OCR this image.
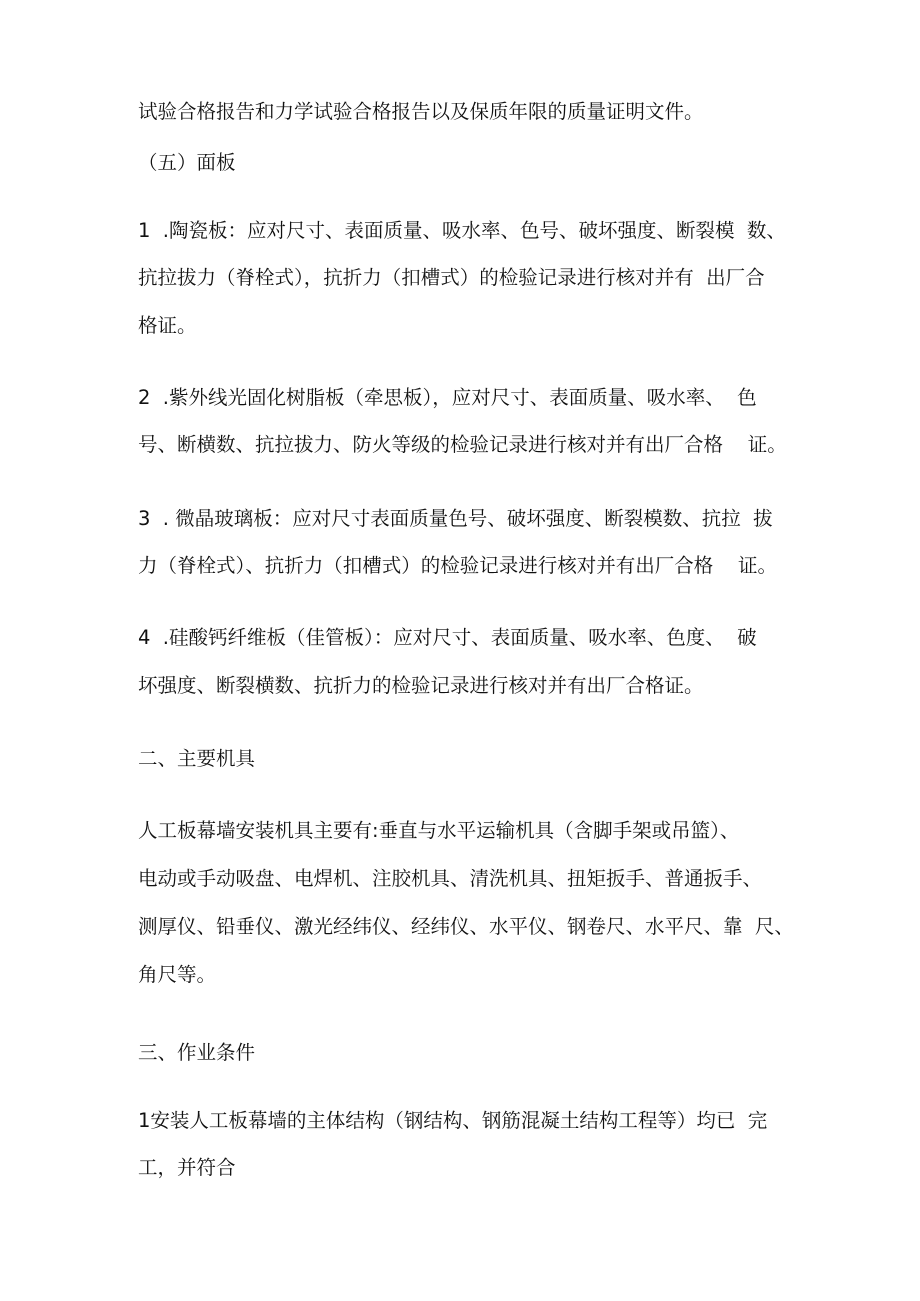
试验合格报告和力学试验合格报告以及保质年限的质量证明文件。
（五）面板
1  .陶瓷板：应对尺寸、表面质量、吸水率、色号、破坏强度、断裂模  数、
抗拉拔力（脊栓式），抗折力（扣槽式）的检验记录进行核对并有  出厂合
格证。
2  .紫外线光固化树脂板（牵思板），应对尺寸、表面质量、吸水率、  色
号、断横数、抗拉拔力、防火等级的检验记录进行核对并有出厂合格    证。
3  . 微晶玻璃板：应对尺寸表面质量色号、破坏强度、断裂模数、抗拉  拔
力（脊栓式）、抗折力（扣槽式）的检验记录进行核对并有出厂合格    证。
4  .硅酸钙纤维板（佳管板）：应对尺寸、表面质量、吸水率、色度、  破
坏强度、断裂横数、抗折力的检验记录进行核对并有出厂合格证。
二、主要机具
人工板幕墙安装机具主要有:垂直与水平运输机具（含脚手架或吊篮）、
电动或手动吸盘、电焊机、注胶机具、清洗机具、扭矩扳手、普通扳手、
测厚仪、铅垂仪、激光经纬仪、经纬仪、水平仪、钢卷尺、水平尺、靠  尺、
角尺等。
三、作业条件
1安装人工板幕墙的主体结构（钢结构、钢筋混凝土结构工程等）均已  完
工，并符合
